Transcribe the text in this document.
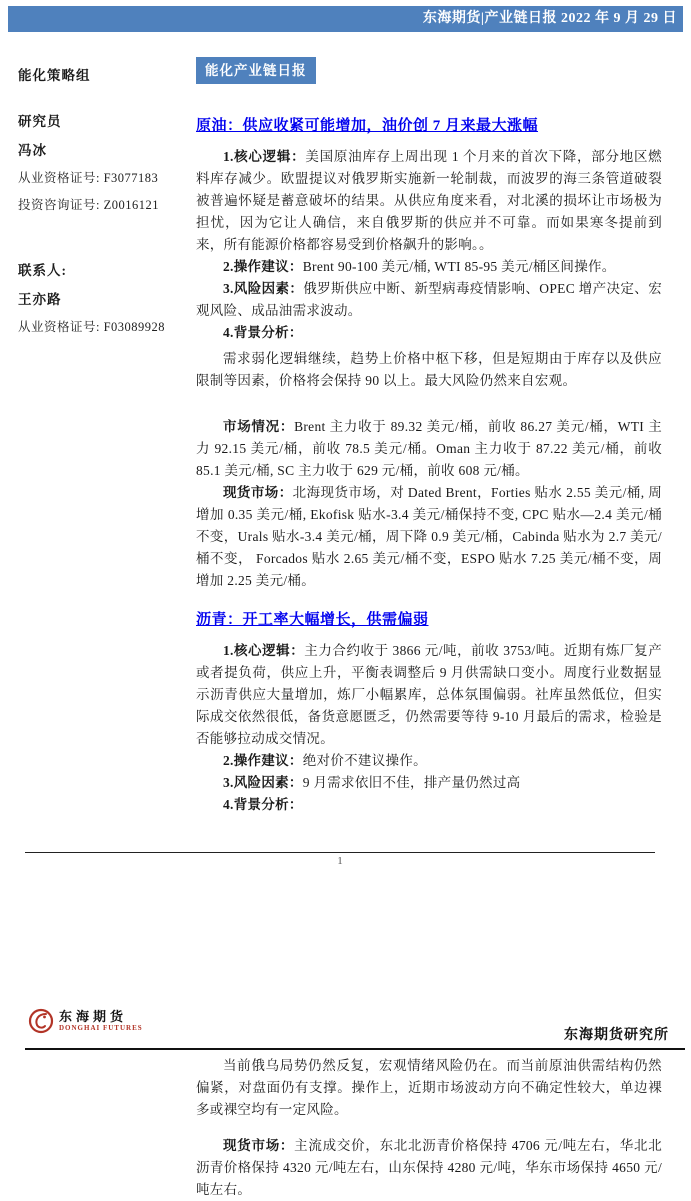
东海期货|产业链日报 2022 年 9 月 29 日
能化策略组
研究员
冯冰
从业资格证号: F3077183
投资咨询证号: Z0016121
联系人:
王亦路
从业资格证号: F03089928
能化产业链日报
原油：供应收紧可能增加，油价创 7 月来最大涨幅

1.核心逻辑：美国原油库存上周出现 1 个月来的首次下降，部分地区燃料库存减少。欧盟提议对俄罗斯实施新一轮制裁，而波罗的海三条管道破裂被普遍怀疑是蓄意破坏的结果。从供应角度来看，对北溪的损坏让市场极为担忧，因为它让人确信，来自俄罗斯的供应并不可靠。而如果寒冬提前到来，所有能源价格都容易受到价格飙升的影响。。

2.操作建议：Brent 90-100 美元/桶, WTI 85-95 美元/桶区间操作。

3.风险因素：俄罗斯供应中断、新型病毒疫情影响、OPEC 增产决定、宏观风险、成品油需求波动。

4.背景分析：

需求弱化逻辑继续，趋势上价格中枢下移，但是短期由于库存以及供应限制等因素，价格将会保持 90 以上。最大风险仍然来自宏观。

市场情况：Brent 主力收于 89.32 美元/桶，前收 86.27 美元/桶，WTI 主力 92.15 美元/桶，前收 78.5 美元/桶。Oman 主力收于 87.22 美元/桶，前收 85.1 美元/桶, SC 主力收于 629 元/桶，前收 608 元/桶。

现货市场：北海现货市场，对 Dated Brent，Forties 贴水 2.55 美元/桶, 周增加 0.35 美元/桶, Ekofisk 贴水-3.4 美元/桶保持不变, CPC 贴水—2.4 美元/桶不变，Urals 贴水-3.4 美元/桶，周下降 0.9 美元/桶，Cabinda 贴水为 2.7 美元/桶不变， Forcados 贴水 2.65 美元/桶不变，ESPO 贴水 7.25 美元/桶不变，周增加 2.25 美元/桶。

沥青：开工率大幅增长，供需偏弱

1.核心逻辑：主力合约收于 3866 元/吨，前收 3753/吨。近期有炼厂复产或者提负荷，供应上升，平衡表调整后 9 月供需缺口变小。周度行业数据显示沥青供应大量增加，炼厂小幅累库，总体氛围偏弱。社库虽然低位，但实际成交依然很低，备货意愿匮乏，仍然需要等待 9-10 月最后的需求，检验是否能够拉动成交情况。

2.操作建议：绝对价不建议操作。

3.风险因素：9 月需求依旧不佳，排产量仍然过高

4.背景分析：

1
东海期货
DONGHAI FUTURES	东海期货研究所

当前俄乌局势仍然反复，宏观情绪风险仍在。而当前原油供需结构仍然偏紧，对盘面仍有支撑。操作上，近期市场波动方向不确定性较大，单边裸多或裸空均有一定风险。

现货市场：主流成交价，东北北沥青价格保持 4706 元/吨左右，华北北沥青价格保持 4320 元/吨左右，山东保持 4280 元/吨，华东市场保持 4650 元/吨左右。
